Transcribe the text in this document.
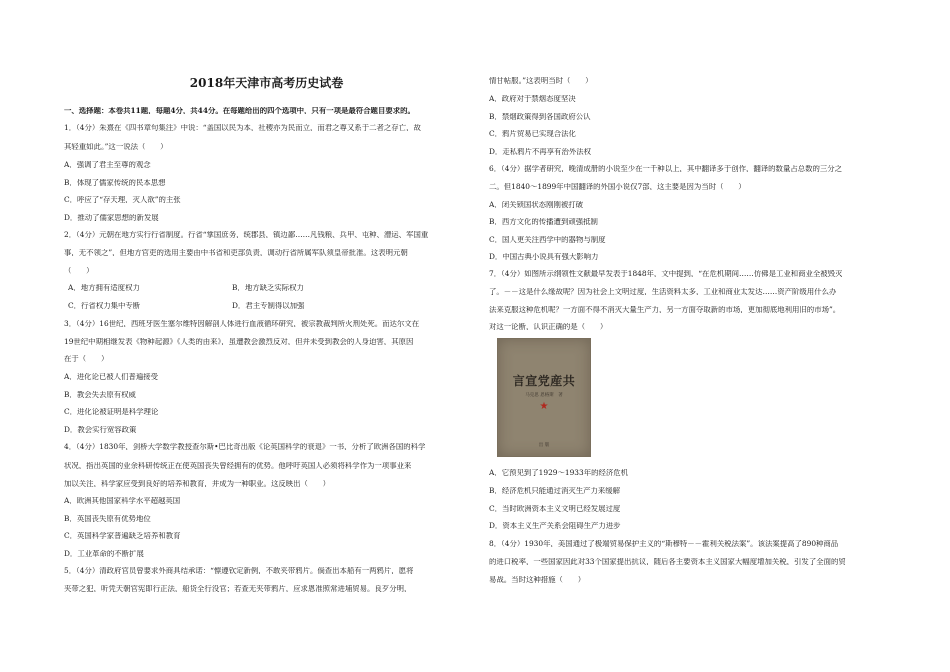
2018年天津市高考历史试卷
一、选择题：本卷共11题，每题4分，共44分。在每题给出的四个选项中，只有一项是最符合题目要求的。
1．（4分）朱熹在《四书章句集注》中说：“盖国以民为本，社稷亦为民而立，而君之尊又系于二者之存亡，故
其轻重如此。”这一说法（　　）
A．强调了君主至尊的观念
B．体现了儒家传统的民本思想
C．呼应了“存天理，灭人欲”的主张
D．推动了儒家思想的新发展
2．（4分）元朝在地方实行行省制度。行省“掌国庶务，统郡县，镇边鄙……凡钱粮、兵甲、屯种、漕运、军国重
事，无不领之”，但地方官吏的选用主要由中书省和吏部负责，调动行省所属军队须皇帝批准。这表明元朝
（　　）
A．地方拥有适度权力	B．地方缺乏实际权力
C．行省权力集中专断	D．君主专制得以加强
3．（4分）16世纪，西班牙医生塞尔维特因解剖人体进行血液循环研究，被宗教裁判所火刑处死。而达尔文在
19世纪中期相继发表《物种起源》《人类的由来》，虽遭教会激烈反对，但并未受到教会的人身迫害，其原因
在于（　　）
A．进化论已被人们普遍接受
B．教会失去原有权威
C．进化论被证明是科学理论
D．教会实行宽容政策
4．（4分）1830年，剑桥大学数学教授查尔斯•巴比奇出版《论英国科学的衰退》一书，分析了欧洲各国的科学
状况，指出英国的业余科研传统正在使英国丧失曾经拥有的优势。他呼吁英国人必须将科学作为一项事业来
加以关注，科学家应受到良好的培养和教育，并成为一种职业。这反映出（　　）
A．欧洲其他国家科学水平超越英国
B．英国丧失原有优势地位
C．英国科学家普遍缺乏培养和教育
D．工业革命的不断扩展
5．（4分）清政府官员曾要求外商具结承诺：“懔遵钦定新例，不敢夹带鸦片。倘查出本船有一两鸦片，愿将
夹带之犯，听凭天朝官宪即行正法，船货全行没官；若查无夹带鸦片，应求恩准照常进埔贸易。良歹分明，
情甘帖服。”这表明当时（　　）
A．政府对于禁烟态度坚决
B．禁烟政策得到各国政府公认
C．鸦片贸易已实现合法化
D．走私鸦片不再享有治外法权
6．（4分）据学者研究，晚清成册的小说至少在一千种以上，其中翻译多于创作，翻译的数量占总数的三分之
二。但1840～1899年中国翻译的外国小说仅7部，这主要是因为当时（　　）
A．闭关锁国状态刚刚被打破
B．西方文化的传播遭到顽强抵制
C．国人更关注西学中的器物与制度
D．中国古典小说具有强大影响力
7．（4分）如图所示纲领性文献最早发表于1848年，文中提到，“在危机期间……仿佛是工业和商业全被毁灭
了。－－这是什么缘故呢？因为社会上文明过度，生活资料太多，工业和商业太发达……资产阶级用什么办
法来克服这种危机呢？一方面不得不消灭大量生产力，另一方面夺取新的市场，更加彻底地利用旧的市场”。
对这一论断，认识正确的是（　　）
言宣党産共
马克思 恩格斯　著
★
出 版
A．它预见到了1929～1933年的经济危机
B．经济危机只能通过消灭生产力来缓解
C．当时欧洲资本主义文明已经发展过度
D．资本主义生产关系会阻碍生产力进步
8．（4分）1930年，美国通过了极端贸易保护主义的“斯穆特－－霍利关税法案”。该法案提高了890种商品
的进口税率，一些国家因此对33个国家提出抗议，随后各主要资本主义国家大幅度增加关税，引发了全面的贸
易战。当时这种措施（　　）
